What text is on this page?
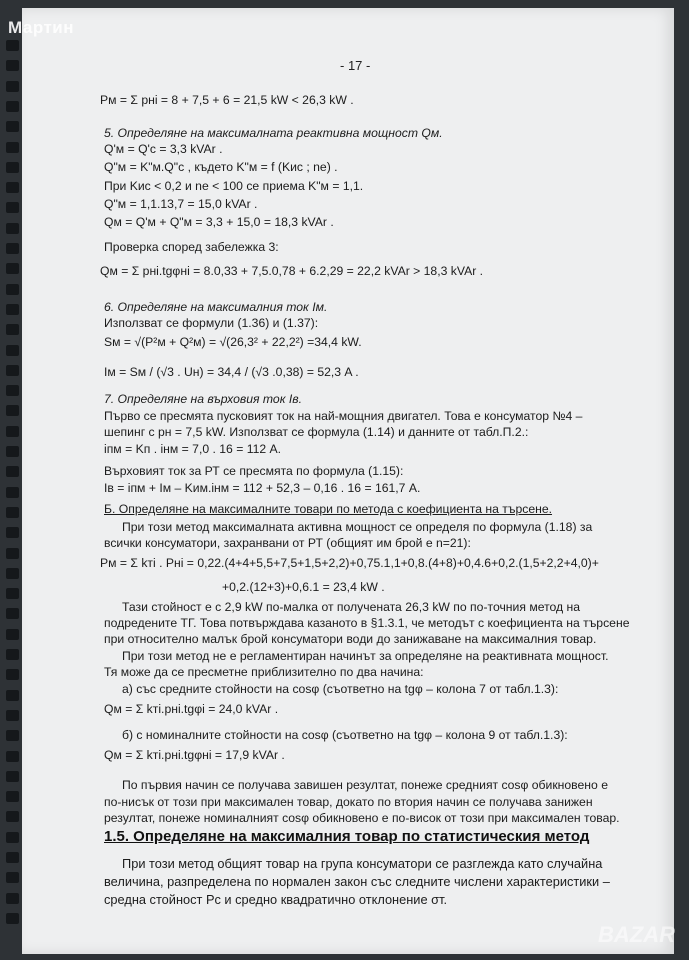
- 17 -
Pм = Σ pнi = 8 + 7,5 + 6 = 21,5 kW < 26,3 kW .
5. Определяне на максималната реактивна мощност Qм.
Q'м = Q'c = 3,3 kVAr .
Q"м = K"м.Q"c , където K"м = f (Kис ; nе) .
При Kис < 0,2 и nе < 100 се приема K"м = 1,1.
Q"м = 1,1.13,7 = 15,0 kVAr .
Qм = Q'м + Q"м = 3,3 + 15,0 = 18,3 kVAr .
Проверка според забележка 3:
Qм = Σ pнi.tgφнi = 8.0,33 + 7,5.0,78 + 6.2,29 = 22,2 kVAr > 18,3 kVAr .
6. Определяне на максималния ток Iм.
Използват се формули (1.36) и (1.37):
Sм = √(P²м + Q²м) = √(26,3² + 22,2²) =34,4 kW.
Iм = Sм / (√3 . Uн) = 34,4 / (√3 .0,38) = 52,3 A .
7. Определяне на върховия ток Iв.
Първо се пресмята пусковият ток на най-мощния двигател. Това е консуматор №4 –
шепинг с pн = 7,5 kW. Използват се формула (1.14) и данните от табл.П.2.:
iпм = Kп . iнм = 7,0 . 16 = 112 A.
Върховият ток за РТ се пресмята по формула (1.15):
Iв = iпм + Iм – Kим.iнм = 112 + 52,3 – 0,16 . 16 = 161,7 A.
Б. Определяне на максималните товари по метода с коефициента на търсене.
При този метод максималната активна мощност се определя по формула (1.18) за
всички консуматори, захранвани от РТ (общият им брой е n=21):
Pм = Σ kтi . Pнi = 0,22.(4+4+5,5+7,5+1,5+2,2)+0,75.1,1+0,8.(4+8)+0,4.6+0,2.(1,5+2,2+4,0)+
+0,2.(12+3)+0,6.1 = 23,4 kW .
Тази стойност е с 2,9 kW по-малка от получената 26,3 kW по по-точния метод на
подредените ТГ. Това потвърждава казаното в §1.3.1, че методът с коефициента на търсене
при относително малък брой консуматори води до занижаване на максималния товар.
При този метод не е регламентиран начинът за определяне на реактивната мощност.
Тя може да се пресметне приблизително по два начина:
а) със средните стойности на cosφ (съответно на tgφ – колона 7 от табл.1.3):
Qм = Σ kтi.pнi.tgφi = 24,0 kVAr .
б) с номиналните стойности на cosφ (съответно на tgφ – колона 9 от табл.1.3):
Qм = Σ kтi.pнi.tgφнi = 17,9 kVAr .
По първия начин се получава завишен резултат, понеже средният cosφ обикновено е
по-нисък от този при максимален товар, докато по втория начин се получава занижен
резултат, понеже номиналният cosφ обикновено е по-висок от този при максимален товар.
1.5. Определяне на максималния товар по статистическия метод
При този метод общият товар на група консуматори се разглежда като случайна
величина, разпределена по нормален закон със следните числени характеристики –
средна стойност Pс и средно квадратично отклонение σт.
Мартин
BAZAR
